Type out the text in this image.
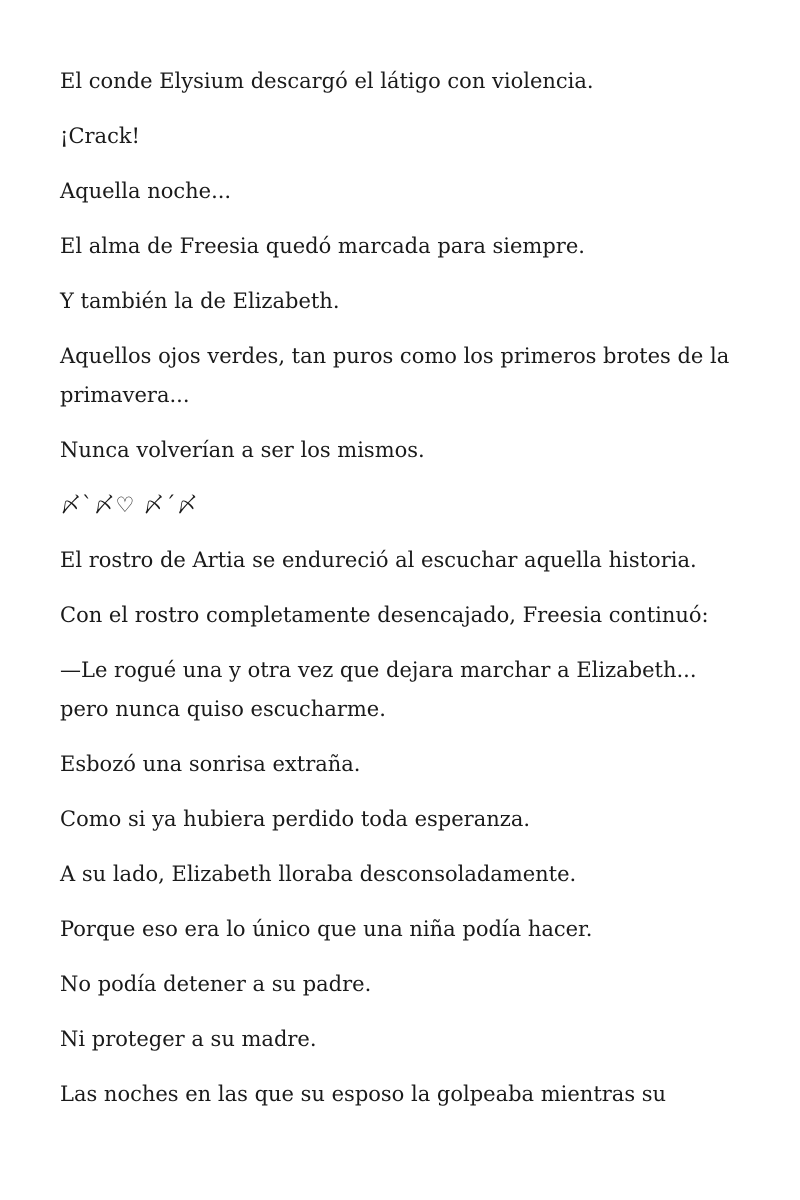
El conde Elysium descargó el látigo con violencia.

¡Crack!

Aquella noche...

El alma de Freesia quedó marcada para siempre.

Y también la de Elizabeth.

Aquellos ojos verdes, tan puros como los primeros brotes de la primavera...

Nunca volverían a ser los mismos.

〆`〆♡ 〆´〆

El rostro de Artia se endureció al escuchar aquella historia.

Con el rostro completamente desencajado, Freesia continuó:

—Le rogué una y otra vez que dejara marchar a Elizabeth... pero nunca quiso escucharme.

Esbozó una sonrisa extraña.

Como si ya hubiera perdido toda esperanza.

A su lado, Elizabeth lloraba desconsoladamente.

Porque eso era lo único que una niña podía hacer.

No podía detener a su padre.

Ni proteger a su madre.

Las noches en las que su esposo la golpeaba mientras su
